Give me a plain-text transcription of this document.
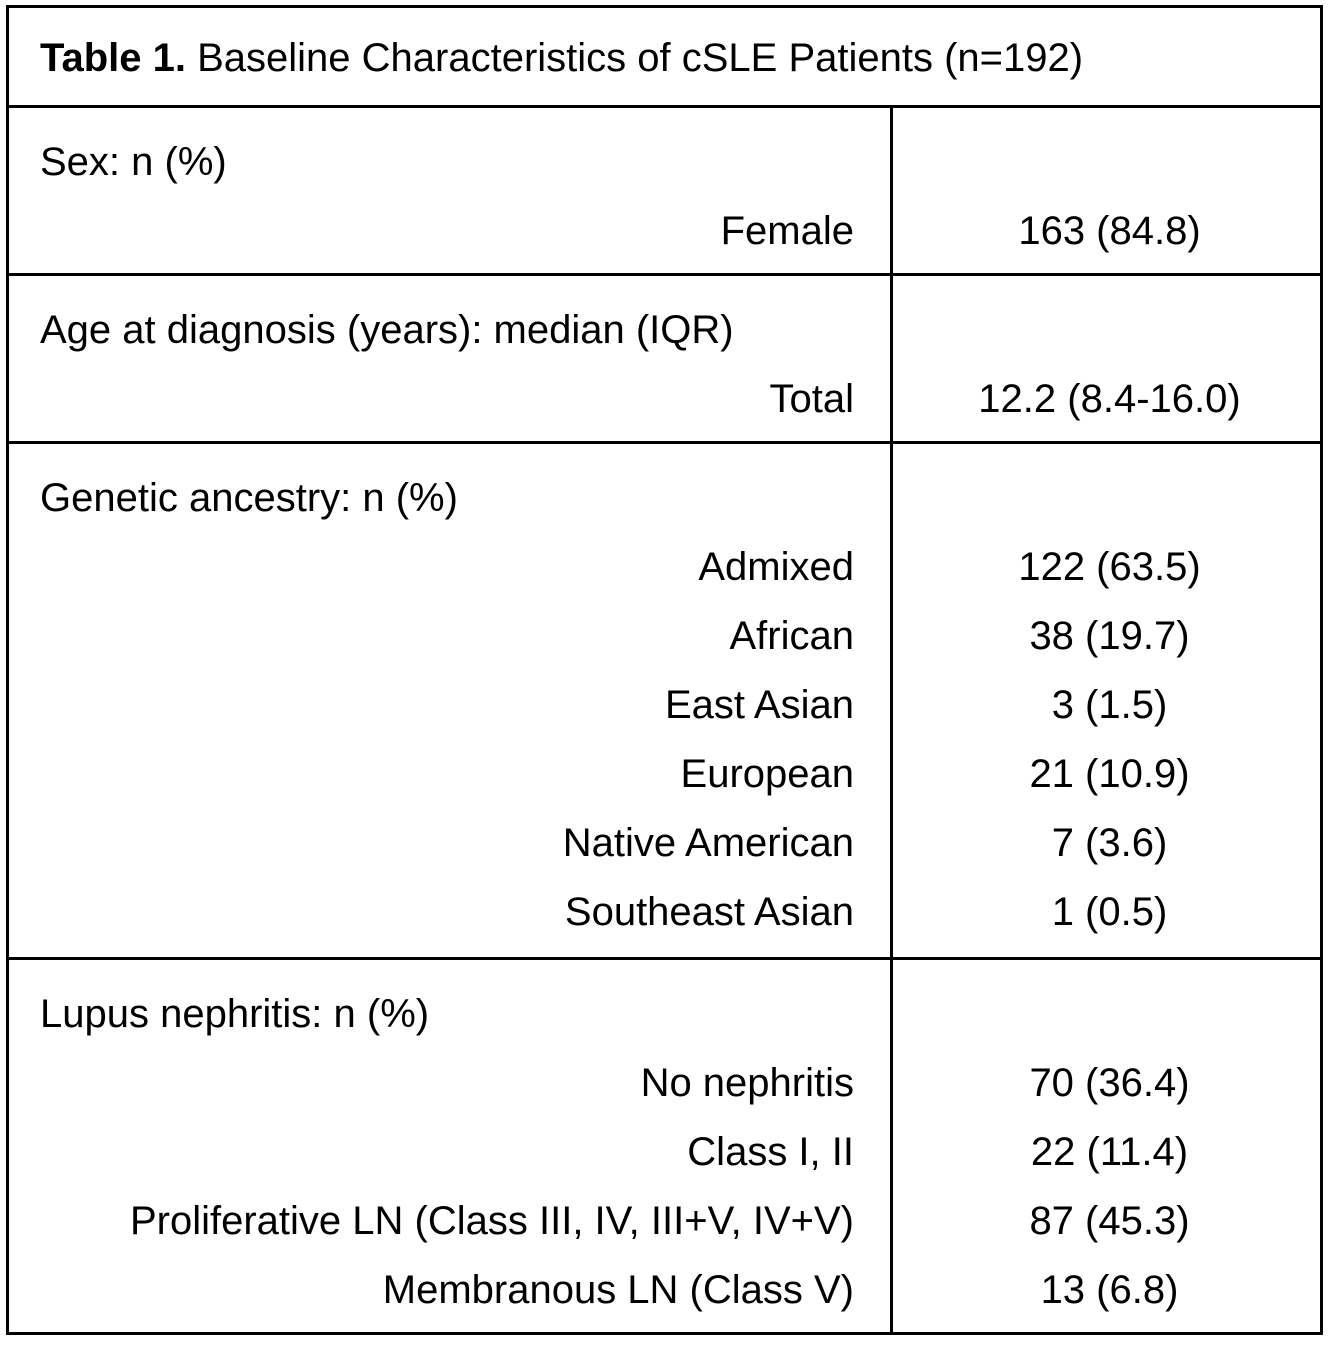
Table 1. Baseline Characteristics of cSLE Patients (n=192)
Sex: n (%)
Female	163 (84.8)
Age at diagnosis (years): median (IQR)
Total	12.2 (8.4-16.0)
Genetic ancestry: n (%)
Admixed	122 (63.5)
African	38 (19.7)
East Asian	3 (1.5)
European	21 (10.9)
Native American	7 (3.6)
Southeast Asian	1 (0.5)
Lupus nephritis: n (%)
No nephritis	70 (36.4)
Class I, II	22 (11.4)
Proliferative LN (Class III, IV, III+V, IV+V)	87 (45.3)
Membranous LN (Class V)	13 (6.8)
